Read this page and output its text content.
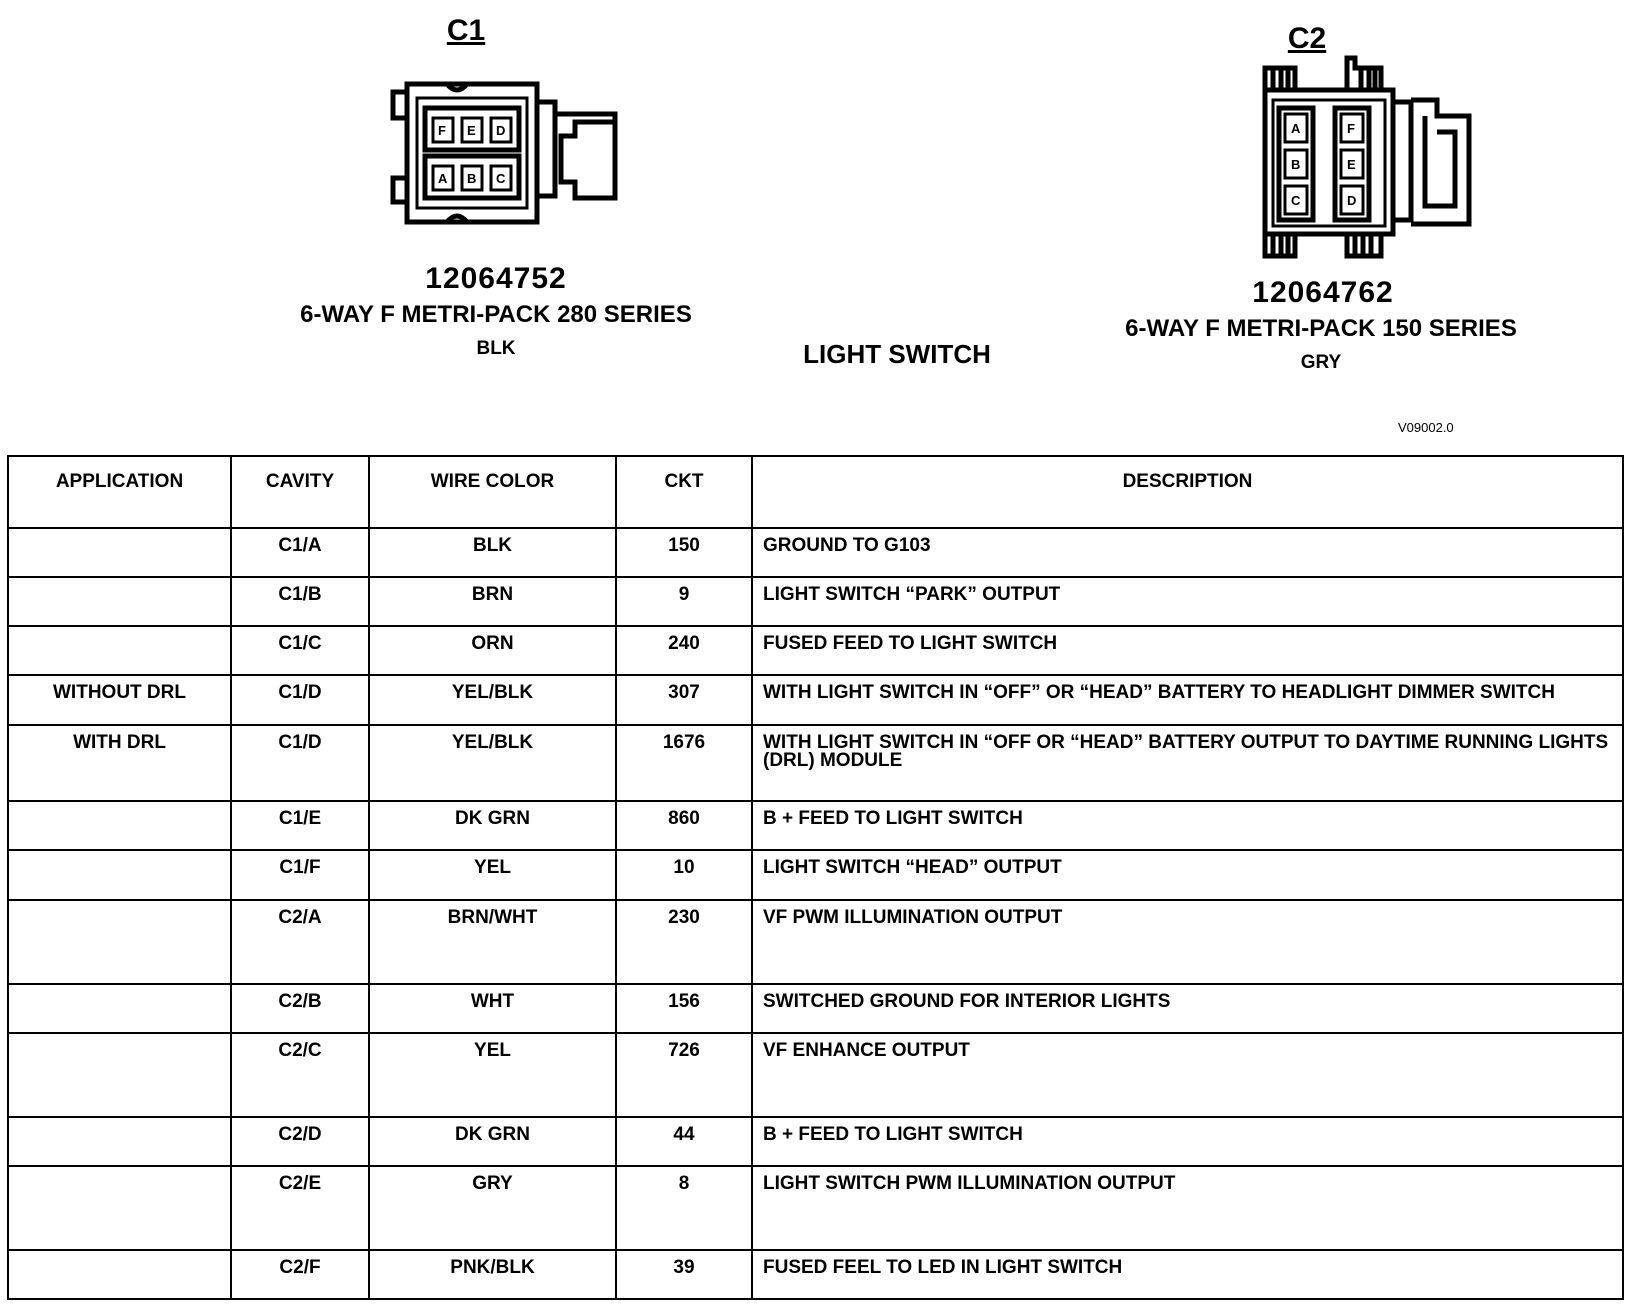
C1
F E D
A B C
12064752
6-WAY F METRI-PACK 280 SERIES
BLK	LIGHT SWITCH
C2
A
B
C
F
E
D
12064762
6-WAY F METRI-PACK 150 SERIES
GRY
V09002.0
APPLICATION	CAVITY	WIRE COLOR	CKT	DESCRIPTION
	C1/A	BLK	150	GROUND TO G103
	C1/B	BRN	9	LIGHT SWITCH “PARK” OUTPUT
	C1/C	ORN	240	FUSED FEED TO LIGHT SWITCH
WITHOUT DRL	C1/D	YEL/BLK	307	WITH LIGHT SWITCH IN “OFF” OR “HEAD” BATTERY TO HEADLIGHT DIMMER SWITCH
WITH DRL	C1/D	YEL/BLK	1676	WITH LIGHT SWITCH IN “OFF OR “HEAD” BATTERY OUTPUT TO DAYTIME RUNNING LIGHTS (DRL) MODULE
	C1/E	DK GRN	860	B + FEED TO LIGHT SWITCH
	C1/F	YEL	10	LIGHT SWITCH “HEAD” OUTPUT
	C2/A	BRN/WHT	230	VF PWM ILLUMINATION OUTPUT
	C2/B	WHT	156	SWITCHED GROUND FOR INTERIOR LIGHTS
	C2/C	YEL	726	VF ENHANCE OUTPUT
	C2/D	DK GRN	44	B + FEED TO LIGHT SWITCH
	C2/E	GRY	8	LIGHT SWITCH PWM ILLUMINATION OUTPUT
	C2/F	PNK/BLK	39	FUSED FEEL TO LED IN LIGHT SWITCH
